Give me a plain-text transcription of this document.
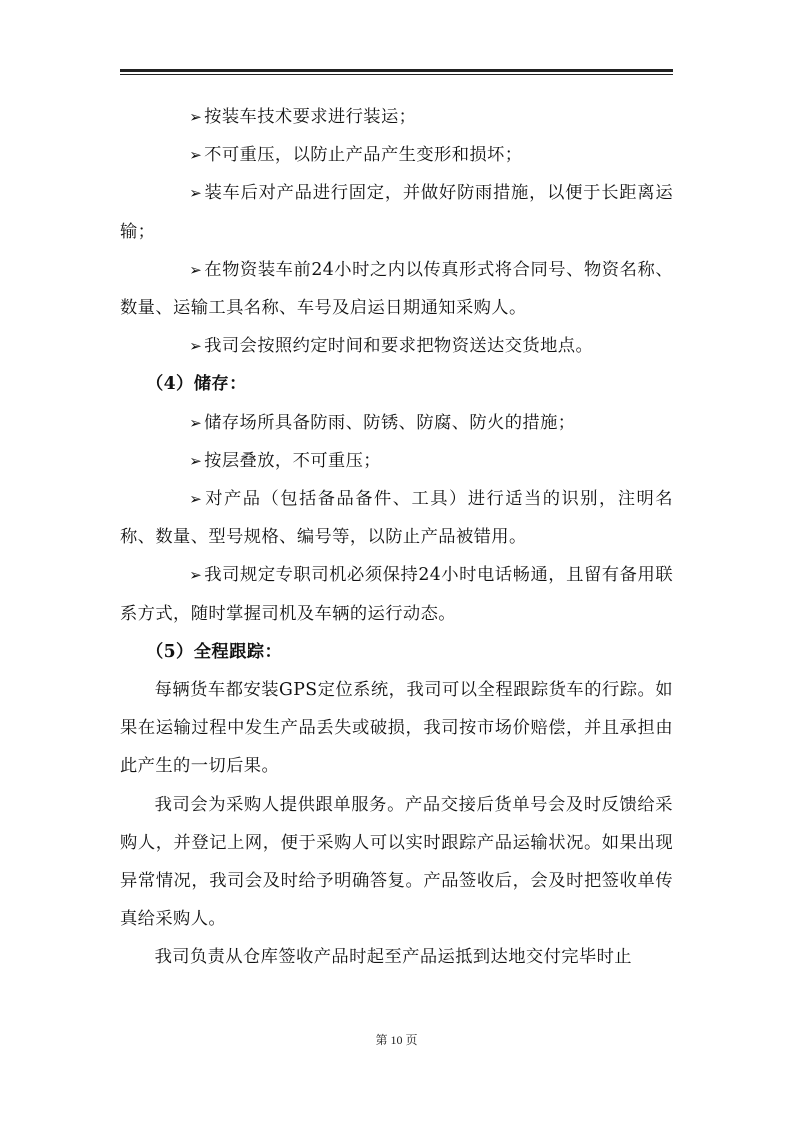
➢ 按装车技术要求进行装运；

➢ 不可重压，以防止产品产生变形和损坏；

➢ 装车后对产品进行固定，并做好防雨措施，以便于长距离运输；

➢ 在物资装车前24小时之内以传真形式将合同号、物资名称、数量、运输工具名称、车号及启运日期通知采购人。

➢ 我司会按照约定时间和要求把物资送达交货地点。

（4）储存：

➢ 储存场所具备防雨、防锈、防腐、防火的措施；

➢ 按层叠放，不可重压；

➢ 对产品（包括备品备件、工具）进行适当的识别，注明名称、数量、型号规格、编号等，以防止产品被错用。

➢ 我司规定专职司机必须保持24小时电话畅通，且留有备用联系方式，随时掌握司机及车辆的运行动态。

（5）全程跟踪：

每辆货车都安装GPS定位系统，我司可以全程跟踪货车的行踪。如果在运输过程中发生产品丢失或破损，我司按市场价赔偿，并且承担由此产生的一切后果。

我司会为采购人提供跟单服务。产品交接后货单号会及时反馈给采购人，并登记上网，便于采购人可以实时跟踪产品运输状况。如果出现异常情况，我司会及时给予明确答复。产品签收后，会及时把签收单传真给采购人。

我司负责从仓库签收产品时起至产品运抵到达地交付完毕时止

第 10 页
